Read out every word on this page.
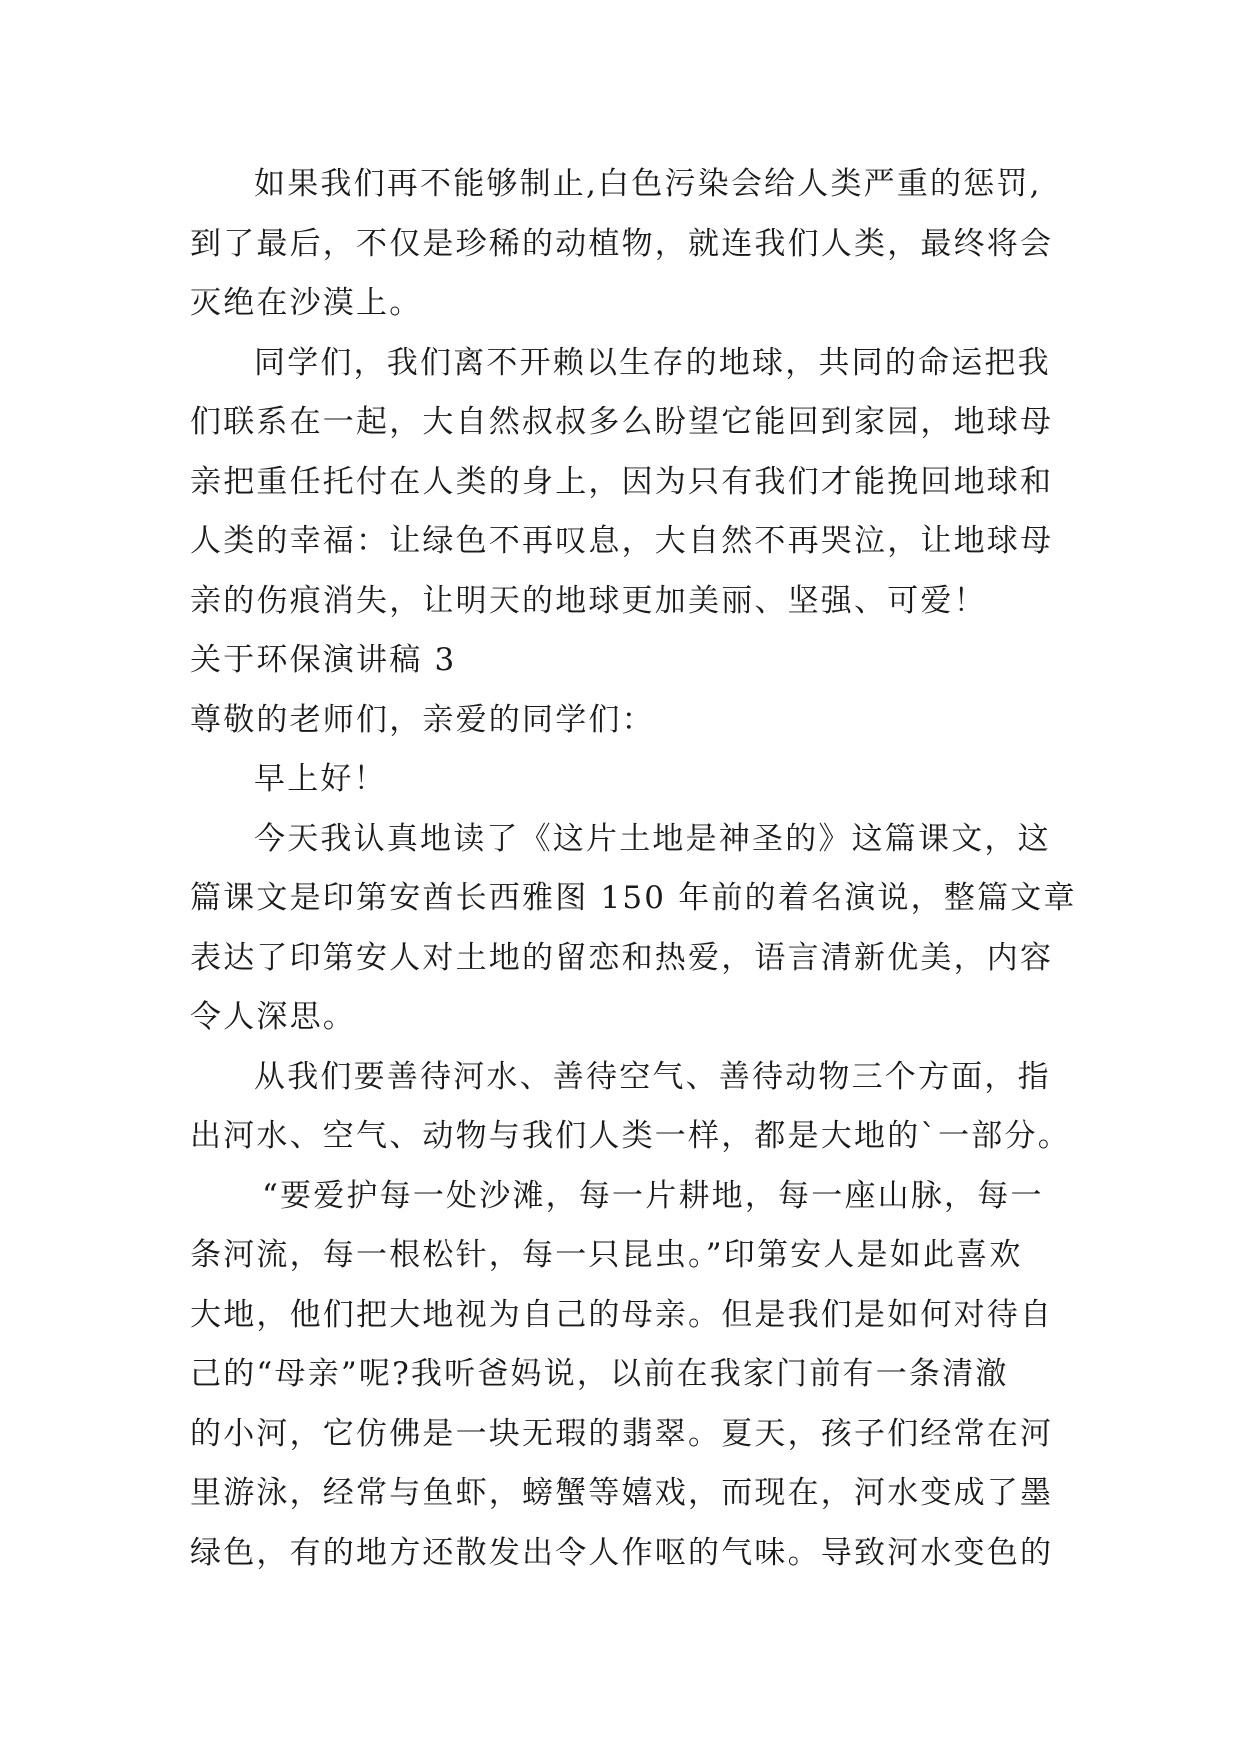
如果我们再不能够制止,白色污染会给人类严重的惩罚,
到了最后，不仅是珍稀的动植物，就连我们人类，最终将会
灭绝在沙漠上。

同学们，我们离不开赖以生存的地球，共同的命运把我
们联系在一起，大自然叔叔多么盼望它能回到家园，地球母
亲把重任托付在人类的身上，因为只有我们才能挽回地球和
人类的幸福：让绿色不再叹息，大自然不再哭泣，让地球母
亲的伤痕消失，让明天的地球更加美丽、坚强、可爱！

关于环保演讲稿 3

尊敬的老师们，亲爱的同学们：

早上好！

今天我认真地读了《这片土地是神圣的》这篇课文，这
篇课文是印第安酋长西雅图 150 年前的着名演说，整篇文章
表达了印第安人对土地的留恋和热爱，语言清新优美，内容
令人深思。

从我们要善待河水、善待空气、善待动物三个方面，指
出河水、空气、动物与我们人类一样，都是大地的`一部分。

“要爱护每一处沙滩，每一片耕地，每一座山脉，每一
条河流，每一根松针，每一只昆虫。”印第安人是如此喜欢
大地，他们把大地视为自己的母亲。但是我们是如何对待自
己的“母亲”呢?我听爸妈说，以前在我家门前有一条清澈
的小河，它仿佛是一块无瑕的翡翠。夏天，孩子们经常在河
里游泳，经常与鱼虾，螃蟹等嬉戏，而现在，河水变成了墨
绿色，有的地方还散发出令人作呕的气味。导致河水变色的
